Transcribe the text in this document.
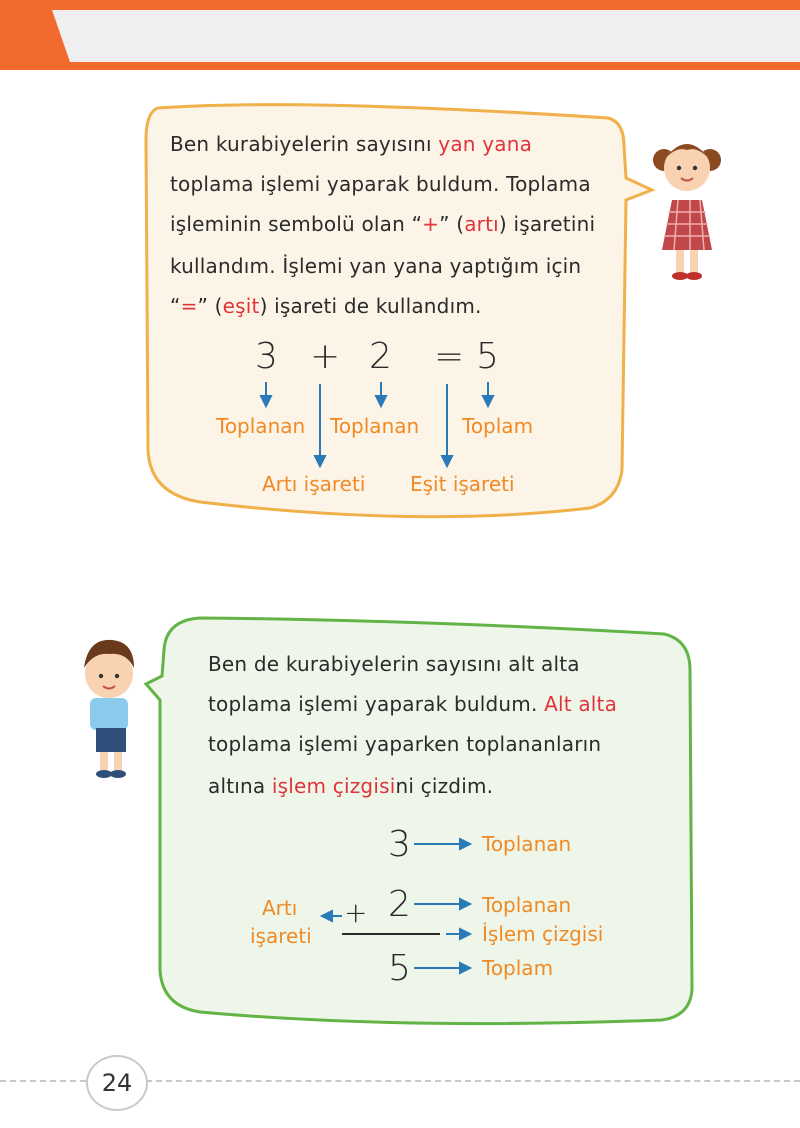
Ben kurabiyelerin sayısını yan yana
toplama işlemi yaparak buldum. Toplama
işleminin sembolü olan “+” (artı) işaretini
kullandım. İşlemi yan yana yaptığım için
“=” (eşit) işareti de kullandım.
3 + 2 = 5
Toplanan Toplanan Toplam
Artı işareti Eşit işareti
Ben de kurabiyelerin sayısını alt alta
toplama işlemi yaparak buldum. Alt alta
toplama işlemi yaparken toplananların
altına işlem çizgisini çizdim.
3
2
+
5
Toplanan
Toplanan
İşlem çizgisi
Toplam
Artı
işareti
24
